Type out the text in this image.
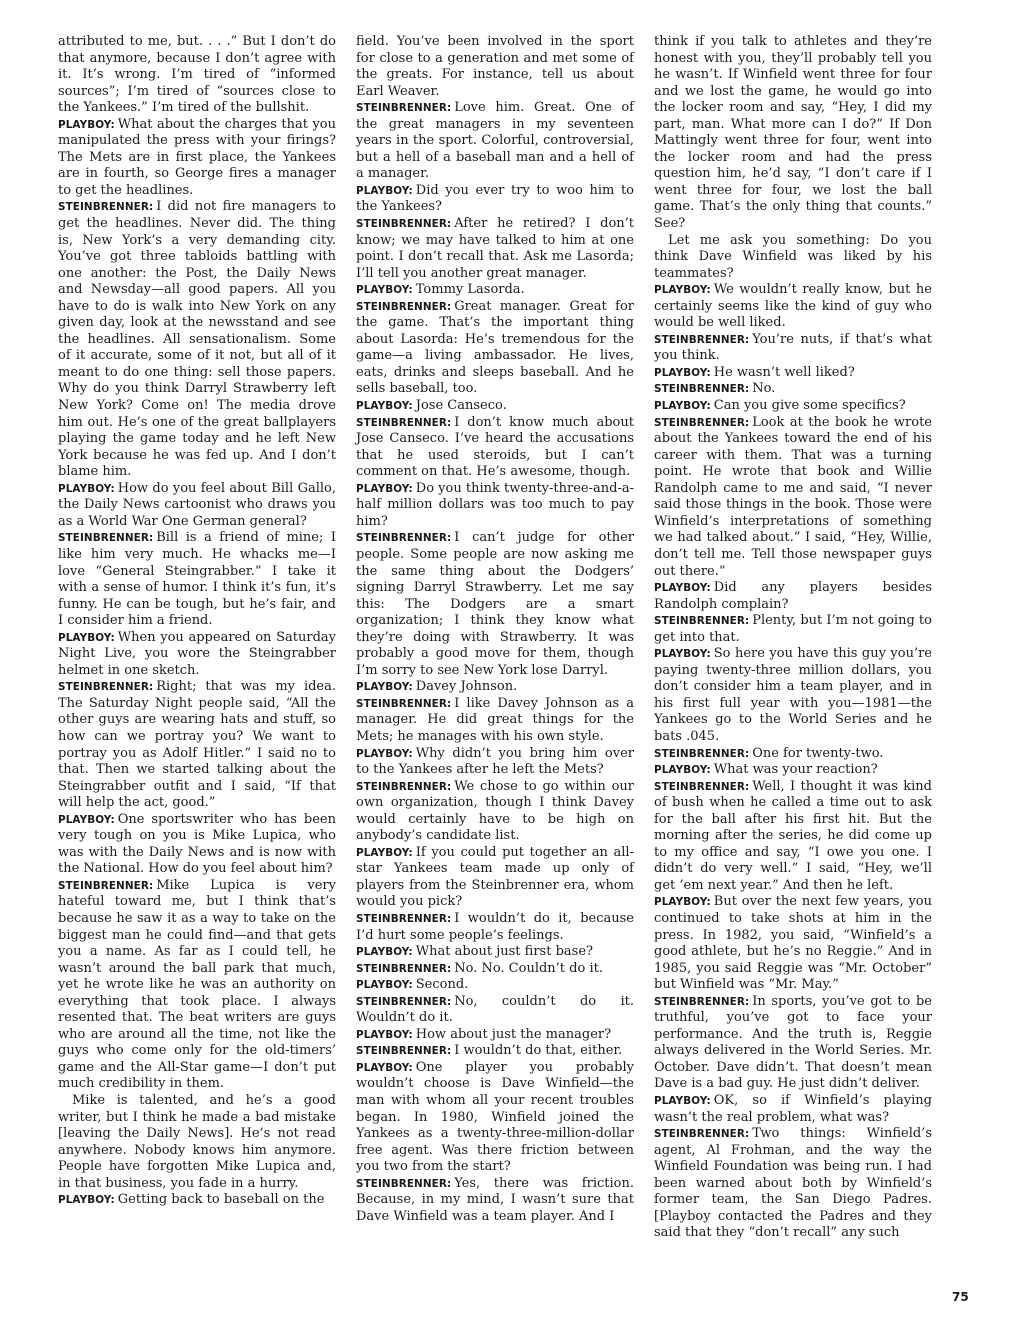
attributed to me, but. . . .” But I don’t do that anymore, because I don’t agree with it. It’s wrong. I’m tired of “informed sources”; I’m tired of “sources close to the Yankees.” I’m tired of the bullshit.

PLAYBOY: What about the charges that you manipulated the press with your firings? The Mets are in first place, the Yankees are in fourth, so George fires a manager to get the headlines.

STEINBRENNER: I did not fire managers to get the headlines. Never did. The thing is, New York’s a very demanding city. You’ve got three tabloids battling with one another: the Post, the Daily News and Newsday—all good papers. All you have to do is walk into New York on any given day, look at the newsstand and see the headlines. All sensationalism. Some of it accurate, some of it not, but all of it meant to do one thing: sell those papers. Why do you think Darryl Strawberry left New York? Come on! The media drove him out. He’s one of the great ballplayers playing the game today and he left New York because he was fed up. And I don’t blame him.

PLAYBOY: How do you feel about Bill Gallo, the Daily News cartoonist who draws you as a World War One German general?

STEINBRENNER: Bill is a friend of mine; I like him very much. He whacks me—I love “General Steingrabber.” I take it with a sense of humor. I think it’s fun, it’s funny. He can be tough, but he’s fair, and I consider him a friend.

PLAYBOY: When you appeared on Saturday Night Live, you wore the Steingrabber helmet in one sketch.

STEINBRENNER: Right; that was my idea. The Saturday Night people said, “All the other guys are wearing hats and stuff, so how can we portray you? We want to portray you as Adolf Hitler.” I said no to that. Then we started talking about the Steingrabber outfit and I said, “If that will help the act, good.”

PLAYBOY: One sportswriter who has been very tough on you is Mike Lupica, who was with the Daily News and is now with the National. How do you feel about him?

STEINBRENNER: Mike Lupica is very hateful toward me, but I think that’s because he saw it as a way to take on the biggest man he could find—and that gets you a name. As far as I could tell, he wasn’t around the ball park that much, yet he wrote like he was an authority on everything that took place. I always resented that. The beat writers are guys who are around all the time, not like the guys who come only for the old-timers’ game and the All-Star game—I don’t put much credibility in them.

Mike is talented, and he’s a good writer, but I think he made a bad mistake [leaving the Daily News]. He’s not read anywhere. Nobody knows him anymore. People have forgotten Mike Lupica and, in that business, you fade in a hurry.

PLAYBOY: Getting back to baseball on the

field. You’ve been involved in the sport for close to a generation and met some of the greats. For instance, tell us about Earl Weaver.

STEINBRENNER: Love him. Great. One of the great managers in my seventeen years in the sport. Colorful, controversial, but a hell of a baseball man and a hell of a manager.

PLAYBOY: Did you ever try to woo him to the Yankees?

STEINBRENNER: After he retired? I don’t know; we may have talked to him at one point. I don’t recall that. Ask me Lasorda; I’ll tell you another great manager.

PLAYBOY: Tommy Lasorda.

STEINBRENNER: Great manager. Great for the game. That’s the important thing about Lasorda: He’s tremendous for the game—a living ambassador. He lives, eats, drinks and sleeps baseball. And he sells baseball, too.

PLAYBOY: Jose Canseco.

STEINBRENNER: I don’t know much about Jose Canseco. I’ve heard the accusations that he used steroids, but I can’t comment on that. He’s awesome, though.

PLAYBOY: Do you think twenty-three-and-a-half million dollars was too much to pay him?

STEINBRENNER: I can’t judge for other people. Some people are now asking me the same thing about the Dodgers’ signing Darryl Strawberry. Let me say this: The Dodgers are a smart organization; I think they know what they’re doing with Strawberry. It was probably a good move for them, though I’m sorry to see New York lose Darryl.

PLAYBOY: Davey Johnson.

STEINBRENNER: I like Davey Johnson as a manager. He did great things for the Mets; he manages with his own style.

PLAYBOY: Why didn’t you bring him over to the Yankees after he left the Mets?

STEINBRENNER: We chose to go within our own organization, though I think Davey would certainly have to be high on anybody’s candidate list.

PLAYBOY: If you could put together an all-star Yankees team made up only of players from the Steinbrenner era, whom would you pick?

STEINBRENNER: I wouldn’t do it, because I’d hurt some people’s feelings.

PLAYBOY: What about just first base?

STEINBRENNER: No. No. Couldn’t do it.

PLAYBOY: Second.

STEINBRENNER: No, couldn’t do it. Wouldn’t do it.

PLAYBOY: How about just the manager?

STEINBRENNER: I wouldn’t do that, either.

PLAYBOY: One player you probably wouldn’t choose is Dave Winfield—the man with whom all your recent troubles began. In 1980, Winfield joined the Yankees as a twenty-three-million-dollar free agent. Was there friction between you two from the start?

STEINBRENNER: Yes, there was friction. Because, in my mind, I wasn’t sure that Dave Winfield was a team player. And I

think if you talk to athletes and they’re honest with you, they’ll probably tell you he wasn’t. If Winfield went three for four and we lost the game, he would go into the locker room and say, “Hey, I did my part, man. What more can I do?” If Don Mattingly went three for four, went into the locker room and had the press question him, he’d say, “I don’t care if I went three for four, we lost the ball game. That’s the only thing that counts.” See?

Let me ask you something: Do you think Dave Winfield was liked by his teammates?

PLAYBOY: We wouldn’t really know, but he certainly seems like the kind of guy who would be well liked.

STEINBRENNER: You’re nuts, if that’s what you think.

PLAYBOY: He wasn’t well liked?

STEINBRENNER: No.

PLAYBOY: Can you give some specifics?

STEINBRENNER: Look at the book he wrote about the Yankees toward the end of his career with them. That was a turning point. He wrote that book and Willie Randolph came to me and said, “I never said those things in the book. Those were Winfield’s interpretations of something we had talked about.” I said, “Hey, Willie, don’t tell me. Tell those newspaper guys out there.”

PLAYBOY: Did any players besides Randolph complain?

STEINBRENNER: Plenty, but I’m not going to get into that.

PLAYBOY: So here you have this guy you’re paying twenty-three million dollars, you don’t consider him a team player, and in his first full year with you—1981—the Yankees go to the World Series and he bats .045.

STEINBRENNER: One for twenty-two.

PLAYBOY: What was your reaction?

STEINBRENNER: Well, I thought it was kind of bush when he called a time out to ask for the ball after his first hit. But the morning after the series, he did come up to my office and say, “I owe you one. I didn’t do very well.” I said, “Hey, we’ll get ’em next year.” And then he left.

PLAYBOY: But over the next few years, you continued to take shots at him in the press. In 1982, you said, “Winfield’s a good athlete, but he’s no Reggie.” And in 1985, you said Reggie was “Mr. October” but Winfield was “Mr. May.”

STEINBRENNER: In sports, you’ve got to be truthful, you’ve got to face your performance. And the truth is, Reggie always delivered in the World Series. Mr. October. Dave didn’t. That doesn’t mean Dave is a bad guy. He just didn’t deliver.

PLAYBOY: OK, so if Winfield’s playing wasn’t the real problem, what was?

STEINBRENNER: Two things: Winfield’s agent, Al Frohman, and the way the Winfield Foundation was being run. I had been warned about both by Winfield’s former team, the San Diego Padres. [Playboy contacted the Padres and they said that they “don’t recall” any such

75
